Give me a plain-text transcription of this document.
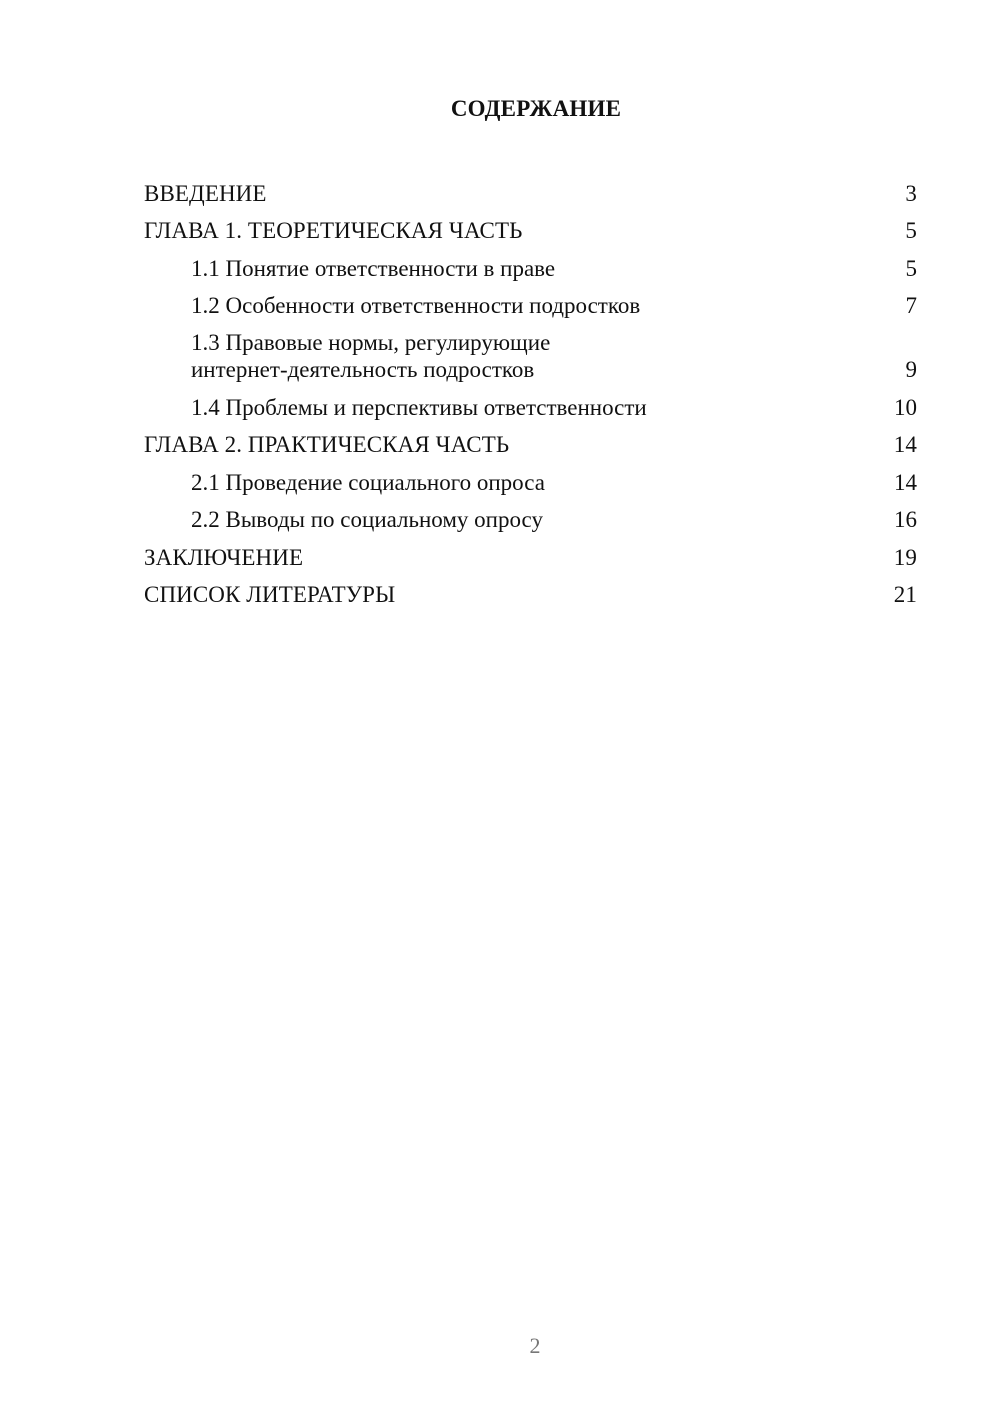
СОДЕРЖАНИЕ
ВВЕДЕНИЕ	3
ГЛАВА 1. ТЕОРЕТИЧЕСКАЯ ЧАСТЬ	5
1.1 Понятие ответственности в праве	5
1.2 Особенности ответственности подростков	7
1.3 Правовые нормы, регулирующие интернет-деятельность подростков	9
1.4 Проблемы и перспективы ответственности	10
ГЛАВА 2. ПРАКТИЧЕСКАЯ ЧАСТЬ	14
2.1 Проведение социального опроса	14
2.2 Выводы по социальному опросу	16
ЗАКЛЮЧЕНИЕ	19
СПИСОК ЛИТЕРАТУРЫ	21
2
